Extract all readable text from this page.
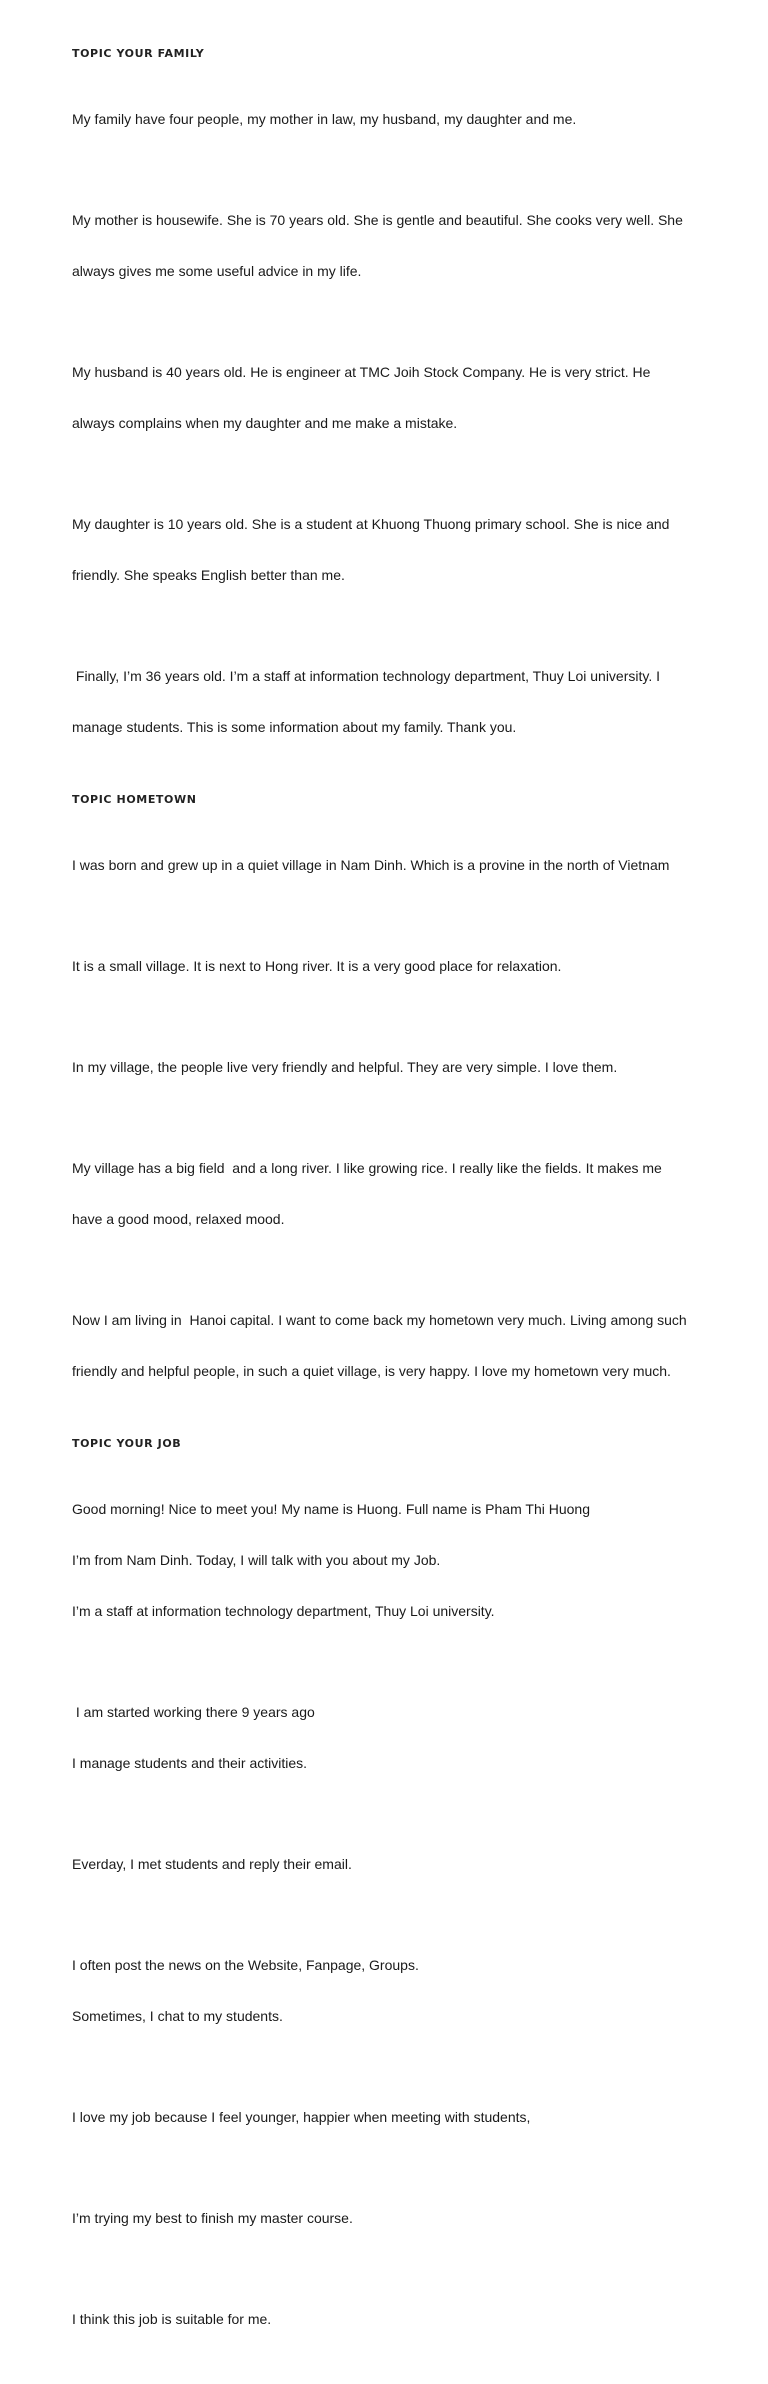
TOPIC YOUR FAMILY

My family have four people, my mother in law, my husband, my daughter and me.

My mother is housewife. She is 70 years old. She is gentle and beautiful. She cooks very well. She

always gives me some useful advice in my life.

My husband is 40 years old. He is engineer at TMC Joih Stock Company. He is very strict. He

always complains when my daughter and me make a mistake.

My daughter is 10 years old. She is a student at Khuong Thuong primary school. She is nice and

friendly. She speaks English better than me.

Finally, I’m 36 years old. I’m a staff at information technology department, Thuy Loi university. I

manage students. This is some information about my family. Thank you.

TOPIC HOMETOWN

I was born and grew up in a quiet village in Nam Dinh. Which is a provine in the north of Vietnam

It is a small village. It is next to Hong river. It is a very good place for relaxation.

In my village, the people live very friendly and helpful. They are very simple. I love them.

My village has a big field  and a long river. I like growing rice. I really like the fields. It makes me

have a good mood, relaxed mood.

Now I am living in  Hanoi capital. I want to come back my hometown very much. Living among such

friendly and helpful people, in such a quiet village, is very happy. I love my hometown very much.

TOPIC YOUR JOB

Good morning! Nice to meet you! My name is Huong. Full name is Pham Thi Huong

I’m from Nam Dinh. Today, I will talk with you about my Job.

I’m a staff at information technology department, Thuy Loi university.

I am started working there 9 years ago

I manage students and their activities.

Everday, I met students and reply their email.

I often post the news on the Website, Fanpage, Groups.

Sometimes, I chat to my students.

I love my job because I feel younger, happier when meeting with students,

I’m trying my best to finish my master course.

I think this job is suitable for me.
